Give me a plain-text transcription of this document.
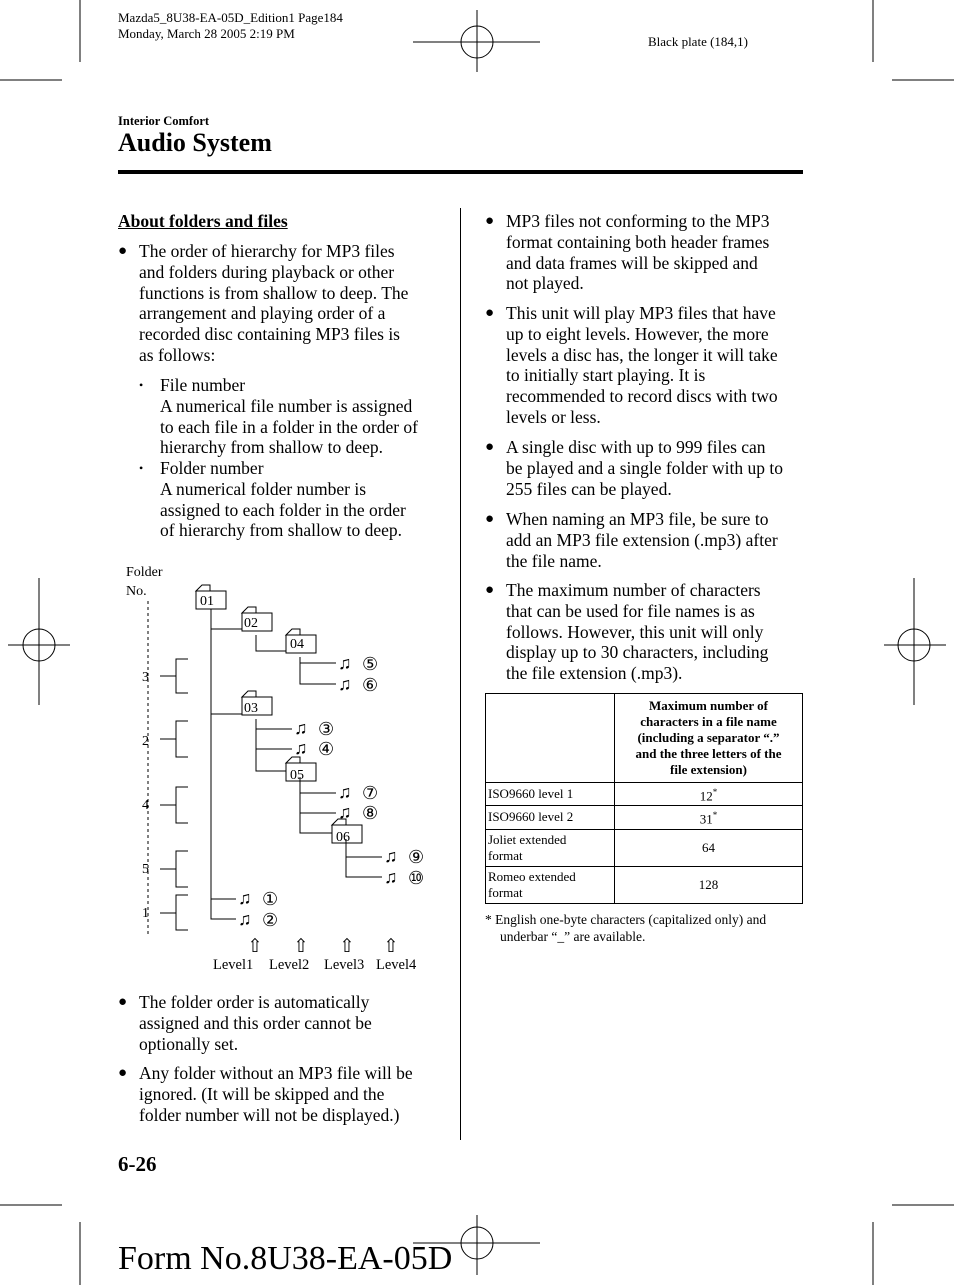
Mazda5_8U38-EA-05D_Edition1 Page184
Monday, March 28 2005 2:19 PM
Black plate (184,1)
Interior Comfort
Audio System
About folders and files
● The order of hierarchy for MP3 files
and folders during playback or other
functions is from shallow to deep. The
arrangement and playing order of a
recorded disc containing MP3 files is
as follows:
• File number
A numerical file number is assigned
to each file in a folder in the order of
hierarchy from shallow to deep.
• Folder number
A numerical folder number is
assigned to each folder in the order
of hierarchy from shallow to deep.
Folder
No.
01
02
04
03
05
06
3
2
4
5
1
♫ ⑤
♫ ⑥
♫ ③
♫ ④
♫ ⑦
♫ ⑧
♫ ⑨
♫ ⑩
♫ ①
♫ ②
⇧ ⇧ ⇧ ⇧
Level1 Level2 Level3 Level4
● The folder order is automatically
assigned and this order cannot be
optionally set.
● Any folder without an MP3 file will be
ignored. (It will be skipped and the
folder number will not be displayed.)
● MP3 files not conforming to the MP3
format containing both header frames
and data frames will be skipped and
not played.
● This unit will play MP3 files that have
up to eight levels. However, the more
levels a disc has, the longer it will take
to initially start playing. It is
recommended to record discs with two
levels or less.
● A single disc with up to 999 files can
be played and a single folder with up to
255 files can be played.
● When naming an MP3 file, be sure to
add an MP3 file extension (.mp3) after
the file name.
● The maximum number of characters
that can be used for file names is as
follows. However, this unit will only
display up to 30 characters, including
the file extension (.mp3).

	Maximum number of
characters in a file name
(including a separator “.”
and the three letters of the
file extension)

ISO9660 level 1	12*
ISO9660 level 2	31*

Joliet extended
format	64

Romeo extended
format	128
* English one-byte characters (capitalized only) and
underbar “_” are available.
6-26
Form No.8U38-EA-05D
